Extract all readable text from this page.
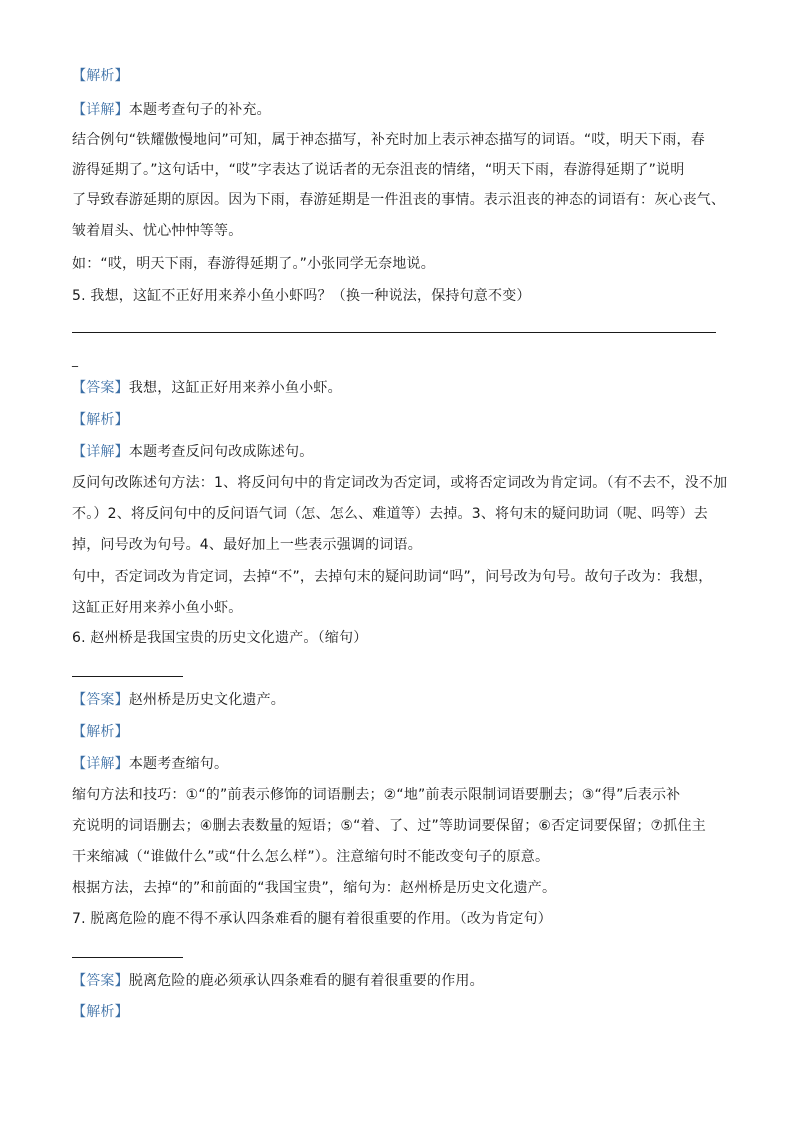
【解析】
【详解】本题考查句子的补充。
结合例句“铁耀傲慢地问”可知，属于神态描写，补充时加上表示神态描写的词语。“哎，明天下雨，春
游得延期了。”这句话中，“哎”字表达了说话者的无奈沮丧的情绪，“明天下雨，春游得延期了”说明
了导致春游延期的原因。因为下雨，春游延期是一件沮丧的事情。表示沮丧的神态的词语有：灰心丧气、
皱着眉头、忧心忡忡等等。
如：“哎，明天下雨，春游得延期了。”小张同学无奈地说。
5. 我想，这缸不正好用来养小鱼小虾吗？（换一种说法，保持句意不变）
_
【答案】我想，这缸正好用来养小鱼小虾。
【解析】
【详解】本题考查反问句改成陈述句。
反问句改陈述句方法：1、将反问句中的肯定词改为否定词，或将否定词改为肯定词。（有不去不，没不加
不。）2、将反问句中的反问语气词（怎、怎么、难道等）去掉。3、将句末的疑问助词（呢、吗等）去
掉，问号改为句号。4、最好加上一些表示强调的词语。
句中，否定词改为肯定词，去掉“不”，去掉句末的疑问助词“吗”，问号改为句号。故句子改为：我想，
这缸正好用来养小鱼小虾。
6. 赵州桥是我国宝贵的历史文化遗产。（缩句）
【答案】赵州桥是历史文化遗产。
【解析】
【详解】本题考查缩句。
缩句方法和技巧：①“的”前表示修饰的词语删去；②“地”前表示限制词语要删去；③“得”后表示补
充说明的词语删去；④删去表数量的短语；⑤“着、了、过”等助词要保留；⑥否定词要保留；⑦抓住主
干来缩减（“谁做什么”或“什么怎么样”）。注意缩句时不能改变句子的原意。
根据方法，去掉“的”和前面的“我国宝贵”，缩句为：赵州桥是历史文化遗产。
7. 脱离危险的鹿不得不承认四条难看的腿有着很重要的作用。（改为肯定句）
【答案】脱离危险的鹿必须承认四条难看的腿有着很重要的作用。
【解析】
